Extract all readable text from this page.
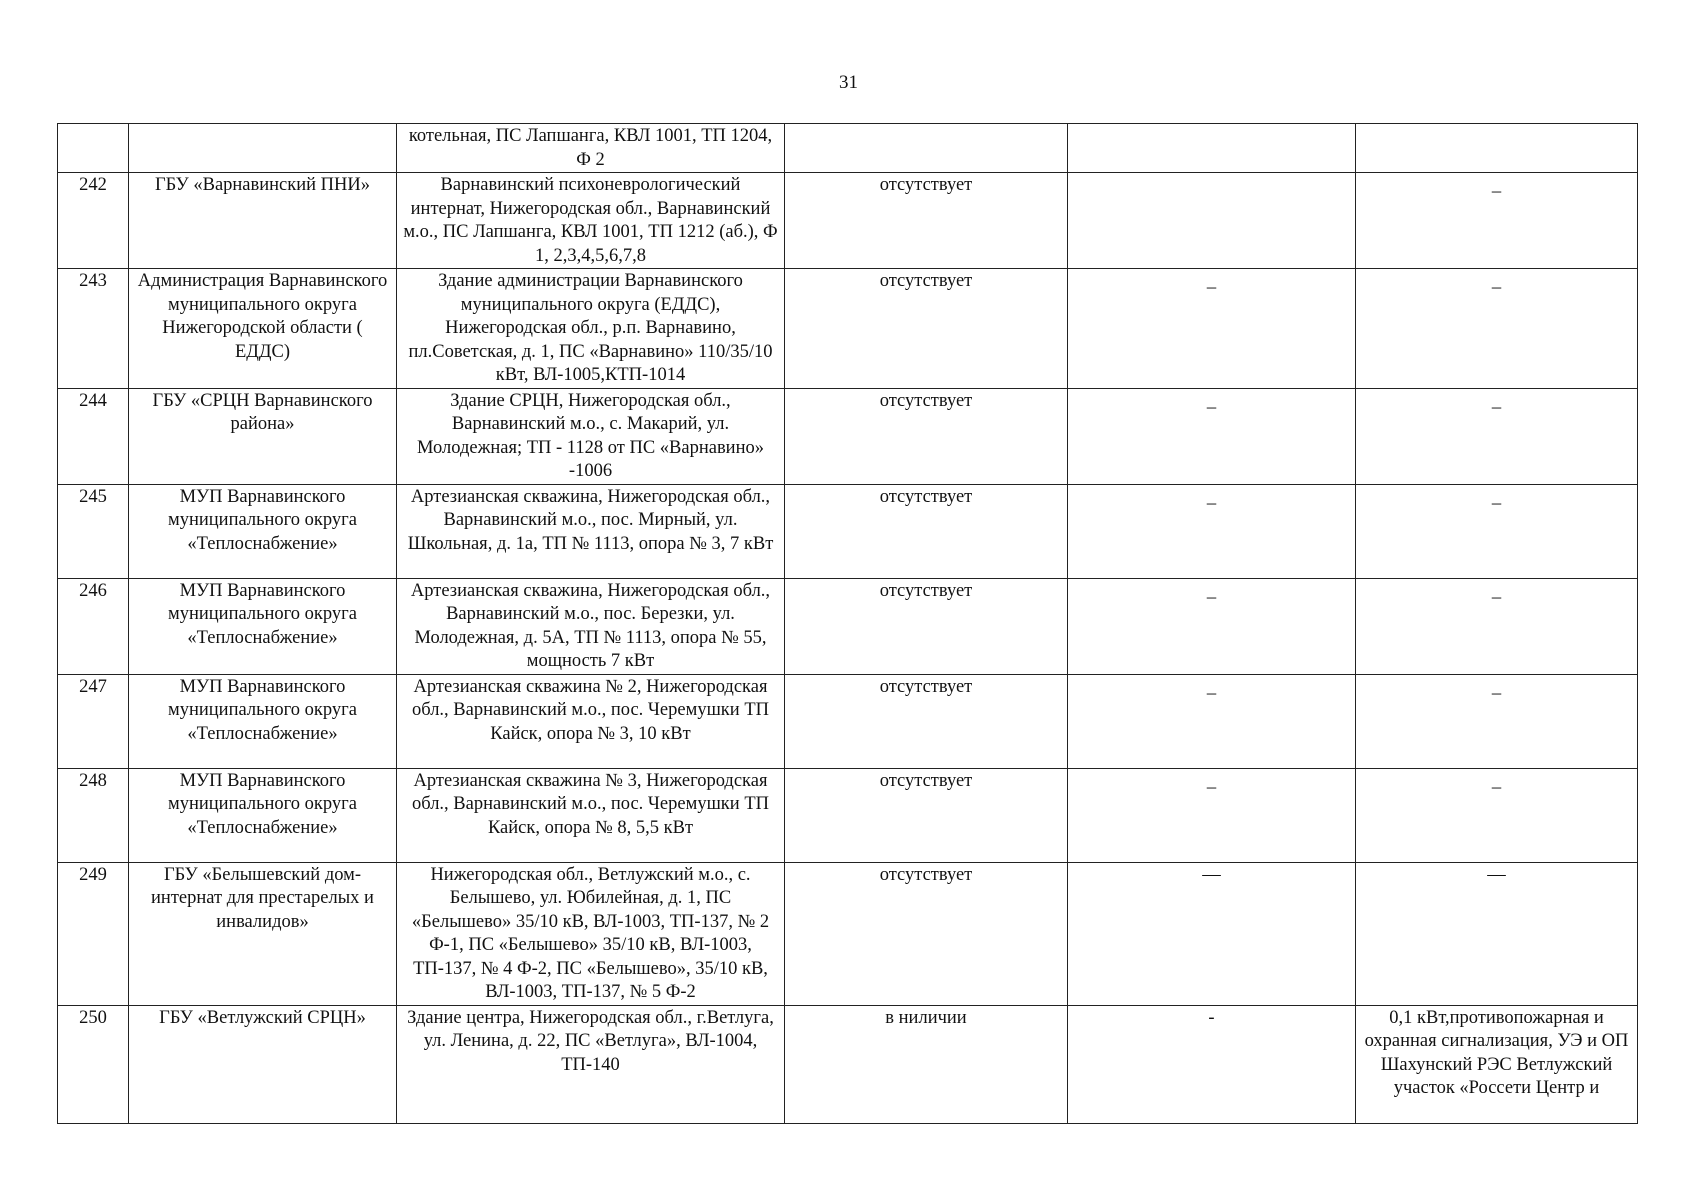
31
		котельная, ПС Лапшанга, КВЛ 1001, ТП 1204, Ф 2			
242	ГБУ «Варнавинский ПНИ»	Варнавинский психоневрологический интернат, Нижегородская обл., Варнавинский м.о., ПС Лапшанга, КВЛ 1001, ТП 1212 (аб.), Ф 1, 2,3,4,5,6,7,8	отсутствует		_
243	Администрация Варнавинского муниципального округа Нижегородской области ( ЕДДС)	Здание администрации Варнавинского муниципального округа (ЕДДС), Нижегородская обл., р.п. Варнавино, пл.Советская, д. 1, ПС «Варнавино» 110/35/10 кВт, ВЛ-1005,КТП-1014	отсутствует	_	_
244	ГБУ «СРЦН Варнавинского района»	Здание СРЦН, Нижегородская обл., Варнавинский м.о., с. Макарий, ул. Молодежная; ТП - 1128 от ПС «Варнавино» -1006	отсутствует	_	_
245	МУП Варнавинского муниципального округа «Теплоснабжение»	Артезианская скважина, Нижегородская обл., Варнавинский м.о., пос. Мирный, ул. Школьная, д. 1а, ТП № 1113, опора № 3, 7 кВт	отсутствует	_	_
246	МУП Варнавинского муниципального округа «Теплоснабжение»	Артезианская скважина, Нижегородская обл., Варнавинский м.о., пос. Березки, ул. Молодежная, д. 5А, ТП № 1113, опора № 55, мощность 7 кВт	отсутствует	_	_
247	МУП Варнавинского муниципального округа «Теплоснабжение»	Артезианская скважина № 2, Нижегородская обл., Варнавинский м.о., пос. Черемушки ТП Кайск, опора № 3, 10 кВт	отсутствует	_	_
248	МУП Варнавинского муниципального округа «Теплоснабжение»	Артезианская скважина № 3, Нижегородская обл., Варнавинский м.о., пос. Черемушки ТП Кайск, опора № 8, 5,5 кВт	отсутствует	_	_
249	ГБУ «Белышевский дом-интернат для престарелых и инвалидов»	Нижегородская обл., Ветлужский м.о., с. Белышево, ул. Юбилейная, д. 1, ПС «Белышево» 35/10 кВ, ВЛ-1003, ТП-137, № 2 Ф-1, ПС «Белышево» 35/10 кВ, ВЛ-1003, ТП-137, № 4 Ф-2, ПС «Белышево», 35/10 кВ, ВЛ-1003, ТП-137, № 5 Ф-2	отсутствует	—	—
250	ГБУ «Ветлужский СРЦН»	Здание центра, Нижегородская обл., г.Ветлуга, ул. Ленина, д. 22, ПС «Ветлуга», ВЛ-1004, ТП-140	в ниличии	-	0,1 кВт,противопожарная и охранная сигнализация, УЭ и ОП Шахунский РЭС Ветлужский участок «Россети Центр и
